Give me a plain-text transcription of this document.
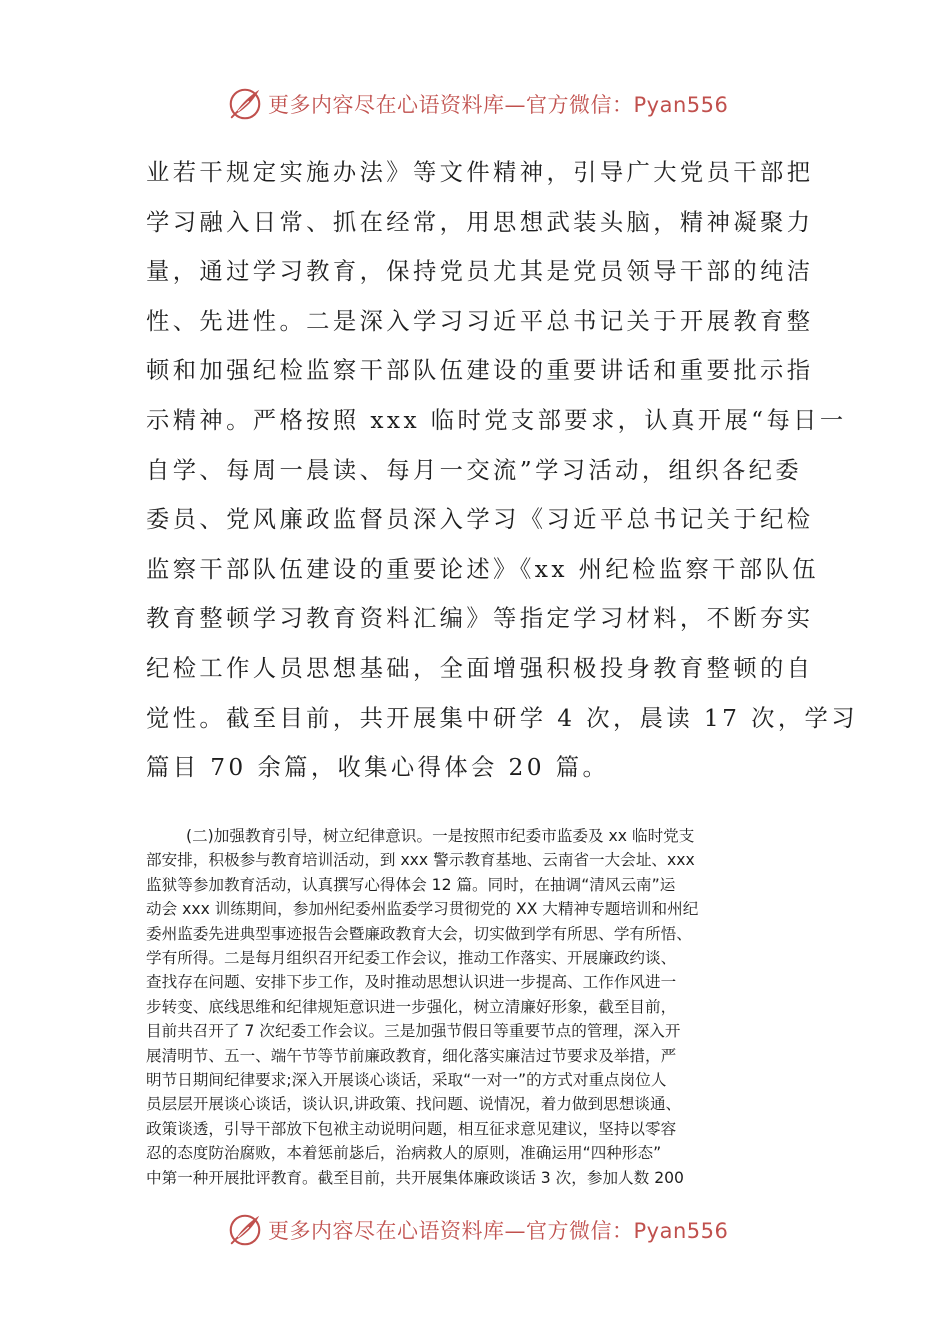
更多内容尽在心语资料库—官方微信：Pyan556
业若干规定实施办法》等文件精神，引导广大党员干部把
学习融入日常、抓在经常，用思想武装头脑，精神凝聚力
量，通过学习教育，保持党员尤其是党员领导干部的纯洁
性、先进性。二是深入学习习近平总书记关于开展教育整
顿和加强纪检监察干部队伍建设的重要讲话和重要批示指
示精神。严格按照 xxx 临时党支部要求，认真开展“每日一
自学、每周一晨读、每月一交流”学习活动，组织各纪委
委员、党风廉政监督员深入学习《习近平总书记关于纪检
监察干部队伍建设的重要论述》《xx 州纪检监察干部队伍
教育整顿学习教育资料汇编》等指定学习材料，不断夯实
纪检工作人员思想基础，全面增强积极投身教育整顿的自
觉性。截至目前，共开展集中研学 4 次，晨读 17 次，学习
篇目 70 余篇，收集心得体会 20 篇。
(二)加强教育引导，树立纪律意识。一是按照市纪委市监委及 xx 临时党支
部安排，积极参与教育培训活动，到 xxx 警示教育基地、云南省一大会址、xxx
监狱等参加教育活动，认真撰写心得体会 12 篇。同时，在抽调“清风云南”运
动会 xxx 训练期间，参加州纪委州监委学习贯彻党的 XX 大精神专题培训和州纪
委州监委先进典型事迹报告会暨廉政教育大会，切实做到学有所思、学有所悟、
学有所得。二是每月组织召开纪委工作会议，推动工作落实、开展廉政约谈、
查找存在问题、安排下步工作，及时推动思想认识进一步提高、工作作风进一
步转变、底线思维和纪律规矩意识进一步强化，树立清廉好形象，截至目前，
目前共召开了 7 次纪委工作会议。三是加强节假日等重要节点的管理，深入开
展清明节、五一、端午节等节前廉政教育，细化落实廉洁过节要求及举措，严
明节日期间纪律要求;深入开展谈心谈话，采取“一对一”的方式对重点岗位人
员层层开展谈心谈话，谈认识,讲政策、找问题、说情况，着力做到思想谈通、
政策谈透，引导干部放下包袱主动说明问题，相互征求意见建议，坚持以零容
忍的态度防治腐败，本着惩前毖后，治病救人的原则，准确运用“四种形态”
中第一种开展批评教育。截至目前，共开展集体廉政谈话 3 次，参加人数 200
更多内容尽在心语资料库—官方微信：Pyan556
